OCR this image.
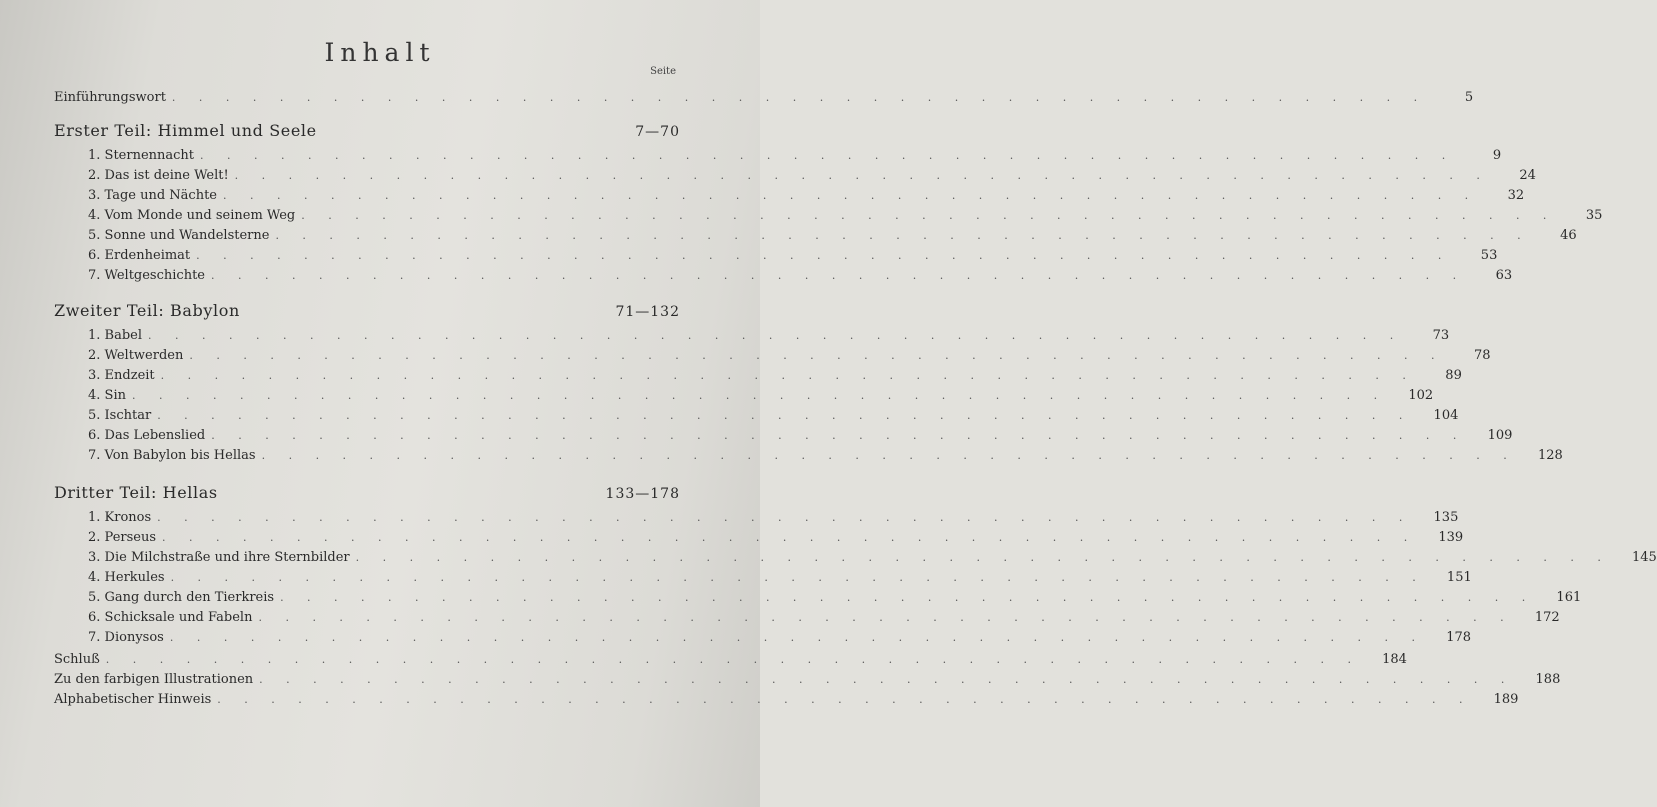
Inhalt
Seite
Einführungswort . . . . . . . . . . . . . . . . . . . . . . . . . . . . . . . . . . . . . . . . . . . . . . .	5
Erster Teil: Himmel und Seele	7—70
1. Sternennacht . . . . . . . . . . . . . . . . . . . . . . . . . . . . . . . . . . . . . . . . . . . . . . .	9
2. Das ist deine Welt! . . . . . . . . . . . . . . . . . . . . . . . . . . . . . . . . . . . . . . . . . . . . . . .	24
3. Tage und Nächte . . . . . . . . . . . . . . . . . . . . . . . . . . . . . . . . . . . . . . . . . . . . . . .	32
4. Vom Monde und seinem Weg . . . . . . . . . . . . . . . . . . . . . . . . . . . . . . . . . . . . . . . . . . . . . . .	35
5. Sonne und Wandelsterne . . . . . . . . . . . . . . . . . . . . . . . . . . . . . . . . . . . . . . . . . . . . . . .	46
6. Erdenheimat . . . . . . . . . . . . . . . . . . . . . . . . . . . . . . . . . . . . . . . . . . . . . . .	53
7. Weltgeschichte . . . . . . . . . . . . . . . . . . . . . . . . . . . . . . . . . . . . . . . . . . . . . . .	63
Zweiter Teil: Babylon	71—132
1. Babel . . . . . . . . . . . . . . . . . . . . . . . . . . . . . . . . . . . . . . . . . . . . . . .	73
2. Weltwerden . . . . . . . . . . . . . . . . . . . . . . . . . . . . . . . . . . . . . . . . . . . . . . .	78
3. Endzeit . . . . . . . . . . . . . . . . . . . . . . . . . . . . . . . . . . . . . . . . . . . . . . .	89
4. Sin . . . . . . . . . . . . . . . . . . . . . . . . . . . . . . . . . . . . . . . . . . . . . . .	102
5. Ischtar . . . . . . . . . . . . . . . . . . . . . . . . . . . . . . . . . . . . . . . . . . . . . . .	104
6. Das Lebenslied . . . . . . . . . . . . . . . . . . . . . . . . . . . . . . . . . . . . . . . . . . . . . . .	109
7. Von Babylon bis Hellas . . . . . . . . . . . . . . . . . . . . . . . . . . . . . . . . . . . . . . . . . . . . . . .	128
Dritter Teil: Hellas	133—178
1. Kronos . . . . . . . . . . . . . . . . . . . . . . . . . . . . . . . . . . . . . . . . . . . . . . .	135
2. Perseus . . . . . . . . . . . . . . . . . . . . . . . . . . . . . . . . . . . . . . . . . . . . . . .	139
3. Die Milchstraße und ihre Sternbilder . . . . . . . . . . . . . . . . . . . . . . . . . . . . . . . . . . . . . . . . . . . . . . .	145
4. Herkules . . . . . . . . . . . . . . . . . . . . . . . . . . . . . . . . . . . . . . . . . . . . . . .	151
5. Gang durch den Tierkreis . . . . . . . . . . . . . . . . . . . . . . . . . . . . . . . . . . . . . . . . . . . . . . .	161
6. Schicksale und Fabeln . . . . . . . . . . . . . . . . . . . . . . . . . . . . . . . . . . . . . . . . . . . . . . .	172
7. Dionysos . . . . . . . . . . . . . . . . . . . . . . . . . . . . . . . . . . . . . . . . . . . . . . .	178
Schluß . . . . . . . . . . . . . . . . . . . . . . . . . . . . . . . . . . . . . . . . . . . . . . .	184
Zu den farbigen Illustrationen . . . . . . . . . . . . . . . . . . . . . . . . . . . . . . . . . . . . . . . . . . . . . . .	188
Alphabetischer Hinweis . . . . . . . . . . . . . . . . . . . . . . . . . . . . . . . . . . . . . . . . . . . . . . .	189
